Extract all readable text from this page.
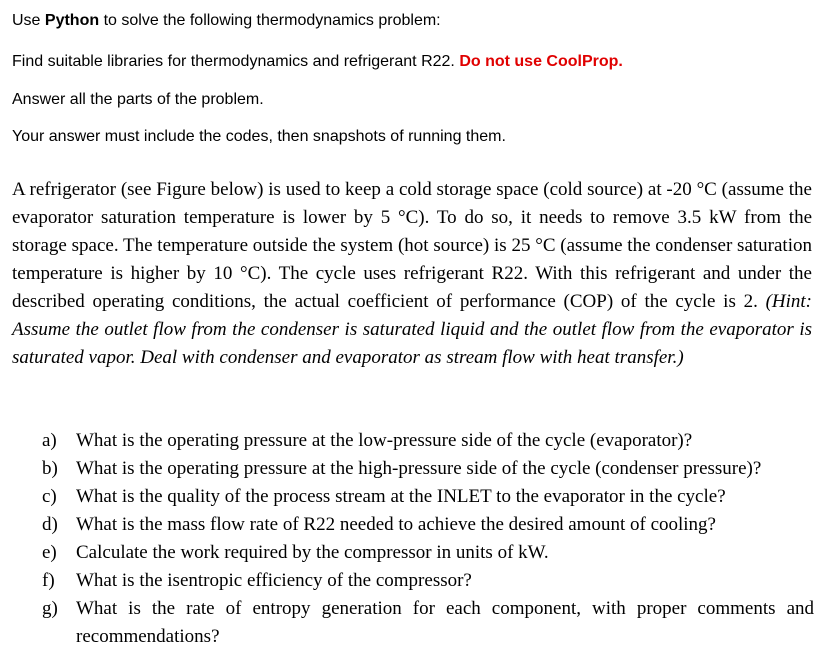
Use Python to solve the following thermodynamics problem:
Find suitable libraries for thermodynamics and refrigerant R22. Do not use CoolProp.
Answer all the parts of the problem.
Your answer must include the codes, then snapshots of running them.

A refrigerator (see Figure below) is used to keep a cold storage space (cold source) at -20 °C (assume the evaporator saturation temperature is lower by 5 °C). To do so, it needs to remove 3.5 kW from the storage space. The temperature outside the system (hot source) is 25 °C (assume the condenser saturation temperature is higher by 10 °C). The cycle uses refrigerant R22. With this refrigerant and under the described operating conditions, the actual coefficient of performance (COP) of the cycle is 2. (Hint: Assume the outlet flow from the condenser is saturated liquid and the outlet flow from the evaporator is saturated vapor. Deal with condenser and evaporator as stream flow with heat transfer.)

a) What is the operating pressure at the low-pressure side of the cycle (evaporator)?
b) What is the operating pressure at the high-pressure side of the cycle (condenser pressure)?
c) What is the quality of the process stream at the INLET to the evaporator in the cycle?
d) What is the mass flow rate of R22 needed to achieve the desired amount of cooling?
e) Calculate the work required by the compressor in units of kW.
f) What is the isentropic efficiency of the compressor?
g) What is the rate of entropy generation for each component, with proper comments and recommendations?
